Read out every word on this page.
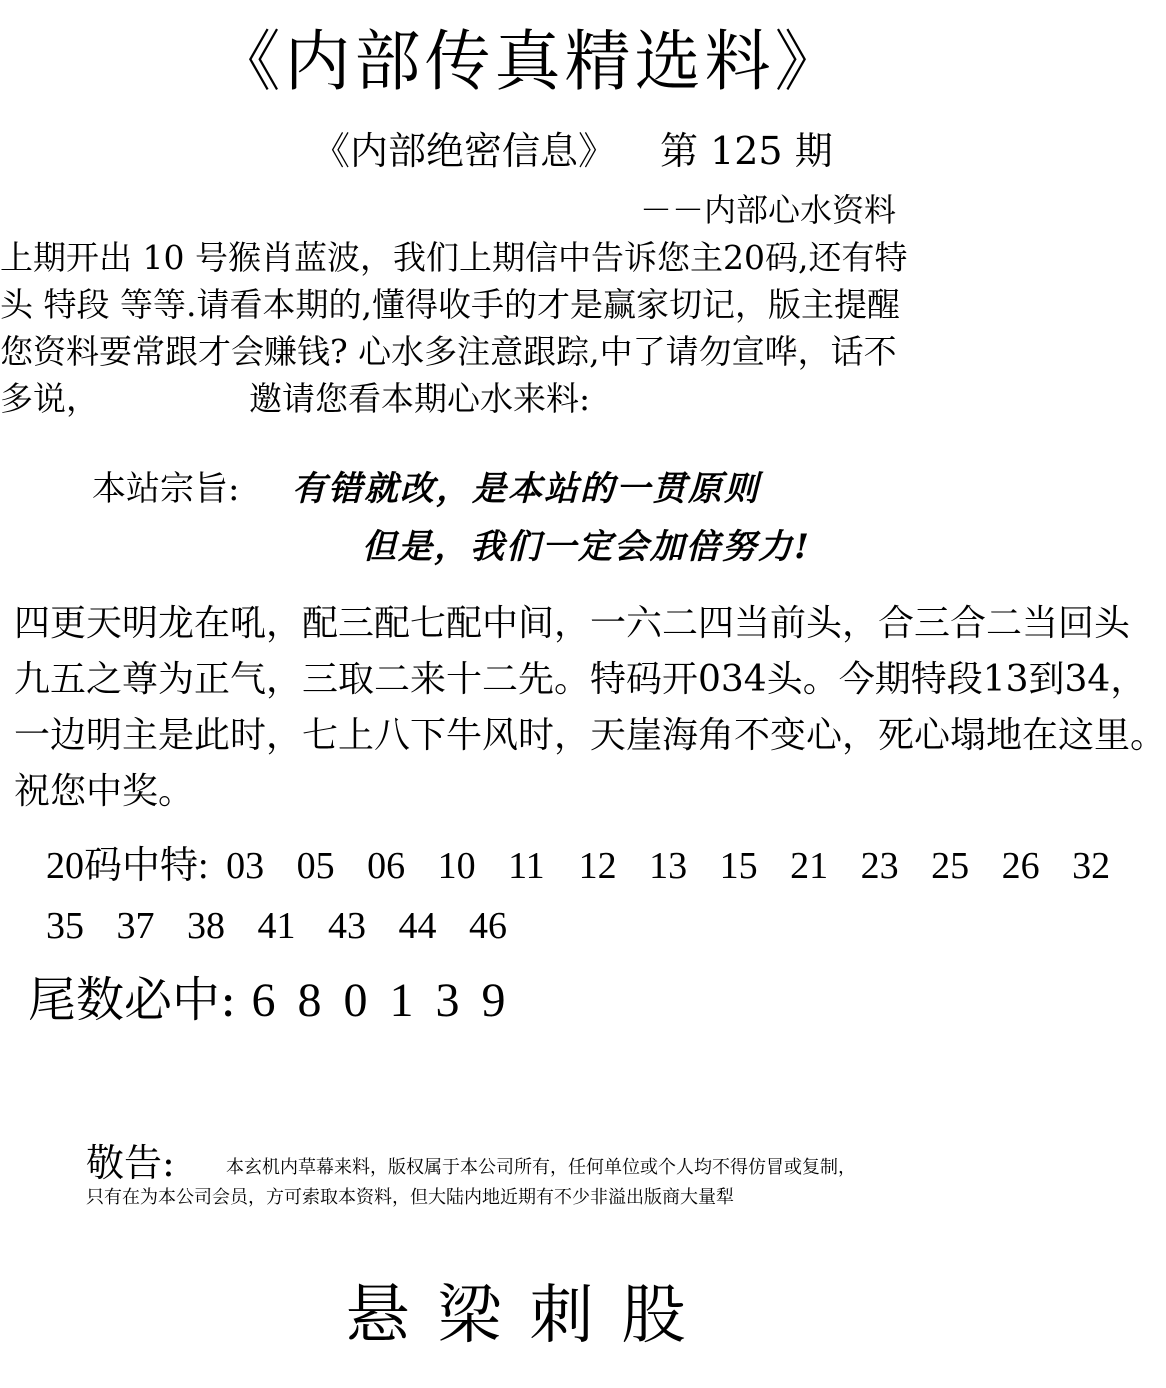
《内部传真精选料》
《内部绝密信息》 第 125 期
－－内部心水资料
上期开出 10 号猴肖蓝波，我们上期信中告诉您主20码,还有特
头 特段 等等.请看本期的,懂得收手的才是赢家切记，版主提醒
您资料要常跟才会赚钱? 心水多注意跟踪,中了请勿宣哗，话不
多说，	邀请您看本期心水来料:
本站宗旨: 有错就改，是本站的一贯原则
但是，我们一定会加倍努力!
四更天明龙在吼，配三配七配中间，一六二四当前头，合三合二当回头
九五之尊为正气，三取二来十二先。特码开034头。今期特段13到34，
一边明主是此时，七上八下牛风时，天崖海角不变心，死心塌地在这里。
祝您中奖。
20码中特: 03 05 06 10 11 12 13 15 21 23 25 26 32
35 37 38 41 43 44 46
尾数必中: 680139
敬告:	本玄机内草幕来料，版权属于本公司所有，任何单位或个人均不得仿冒或复制，
只有在为本公司会员，方可索取本资料，但大陆内地近期有不少非溢出版商大量犁
悬梁刺股
